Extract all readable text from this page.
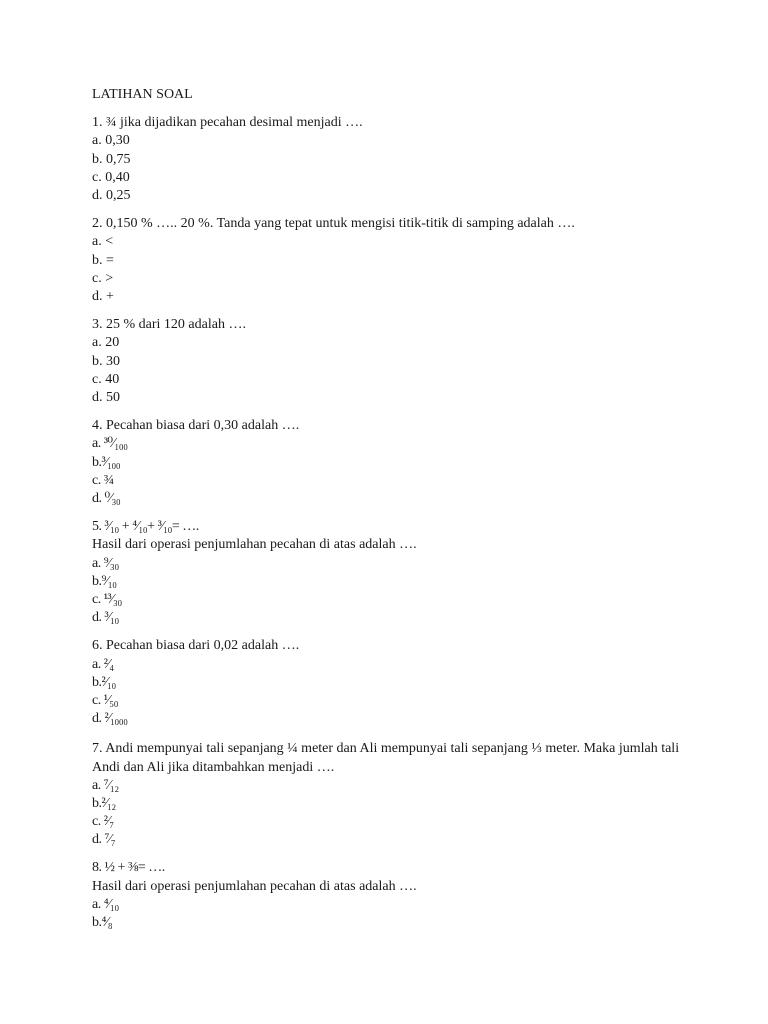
LATIHAN SOAL
1. ¾ jika dijadikan pecahan desimal menjadi ….
a. 0,30
b. 0,75
c. 0,40
d. 0,25
2. 0,150 % ….. 20 %. Tanda yang tepat untuk mengisi titik-titik di samping adalah ….
a. <
b. =
c. >
d. +
3. 25 % dari 120 adalah ….
a. 20
b. 30
c. 40
d. 50
4. Pecahan biasa dari 0,30 adalah ….
a. ³⁰⁄₁₀₀
b.³⁄₁₀₀
c. ¾
d. ⁰⁄₃₀
5. ³⁄₁₀ + ⁴⁄₁₀+ ³⁄₁₀= ….
Hasil dari operasi penjumlahan pecahan di atas adalah ….
a. ⁹⁄₃₀
b.⁹⁄₁₀
c. ¹³⁄₃₀
d. ³⁄₁₀
6. Pecahan biasa dari 0,02 adalah ….
a. ²⁄₄
b.²⁄₁₀
c. ¹⁄₅₀
d. ²⁄₁₀₀₀
7. Andi mempunyai tali sepanjang ¼ meter dan Ali mempunyai tali sepanjang ⅓ meter. Maka jumlah tali Andi dan Ali jika ditambahkan menjadi ….
a. ⁷⁄₁₂
b.²⁄₁₂
c. ²⁄₇
d. ⁷⁄₇
8. ½ + ⅜= ….
Hasil dari operasi penjumlahan pecahan di atas adalah ….
a. ⁴⁄₁₀
b.⁴⁄₈
